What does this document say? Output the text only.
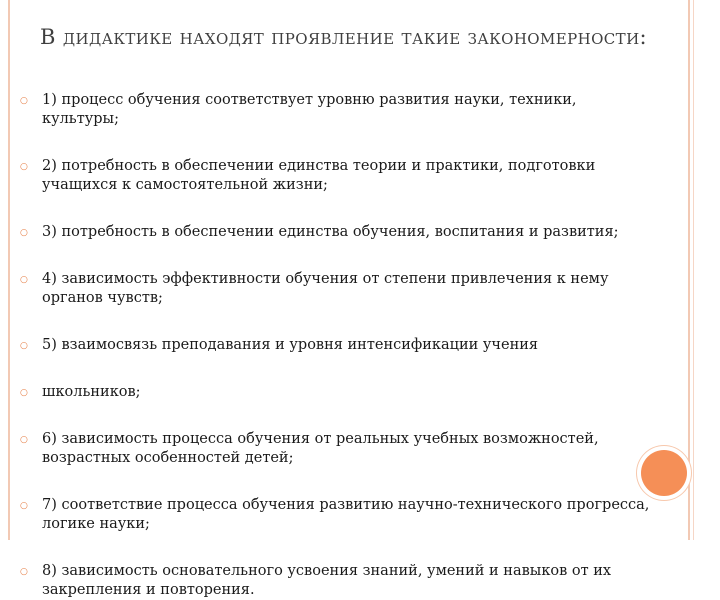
В дидактике находят проявление такие закономерности:
○ 1) процесс обучения соответствует уровню развития науки, техники, культуры;
○ 2) потребность в обеспечении единства теории и практики, подготовки учащихся к самостоятельной жизни;
○ 3) потребность в обеспечении единства обучения, воспитания и развития;
○ 4) зависимость эффективности обучения от степени привлечения к нему органов чувств;
○ 5) взаимосвязь преподавания и уровня интенсификации учения
○ школьников;
○ 6) зависимость процесса обучения от реальных учебных возможностей, возрастных особенностей детей;
○ 7) соответствие процесса обучения развитию научно-технического прогресса, логике науки;
○ 8) зависимость основательного усвоения знаний, умений и навыков от их закрепления и повторения.
